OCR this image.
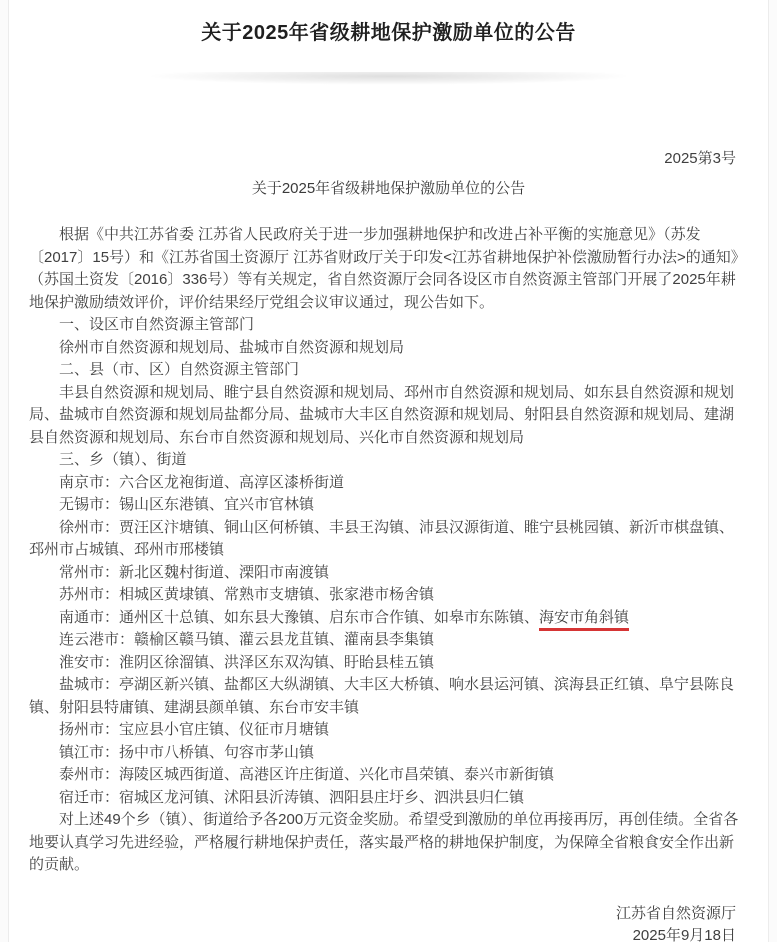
关于2025年省级耕地保护激励单位的公告
2025第3号
关于2025年省级耕地保护激励单位的公告

根据《中共江苏省委 江苏省人民政府关于进一步加强耕地保护和改进占补平衡的实施意见》（苏发〔2017〕15号）和《江苏省国土资源厅 江苏省财政厅关于印发<江苏省耕地保护补偿激励暂行办法>的通知》（苏国土资发〔2016〕336号）等有关规定，省自然资源厅会同各设区市自然资源主管部门开展了2025年耕地保护激励绩效评价，评价结果经厅党组会议审议通过，现公告如下。

一、设区市自然资源主管部门

徐州市自然资源和规划局、盐城市自然资源和规划局

二、县（市、区）自然资源主管部门

丰县自然资源和规划局、睢宁县自然资源和规划局、邳州市自然资源和规划局、如东县自然资源和规划局、盐城市自然资源和规划局盐都分局、盐城市大丰区自然资源和规划局、射阳县自然资源和规划局、建湖县自然资源和规划局、东台市自然资源和规划局、兴化市自然资源和规划局

三、乡（镇）、街道

南京市：六合区龙袍街道、高淳区漆桥街道

无锡市：锡山区东港镇、宜兴市官林镇

徐州市：贾汪区汴塘镇、铜山区何桥镇、丰县王沟镇、沛县汉源街道、睢宁县桃园镇、新沂市棋盘镇、邳州市占城镇、邳州市邢楼镇

常州市：新北区魏村街道、溧阳市南渡镇

苏州市：相城区黄埭镇、常熟市支塘镇、张家港市杨舍镇

南通市：通州区十总镇、如东县大豫镇、启东市合作镇、如皋市东陈镇、海安市角斜镇

连云港市：赣榆区赣马镇、灌云县龙苴镇、灌南县李集镇

淮安市：淮阴区徐溜镇、洪泽区东双沟镇、盱眙县桂五镇

盐城市：亭湖区新兴镇、盐都区大纵湖镇、大丰区大桥镇、响水县运河镇、滨海县正红镇、阜宁县陈良镇、射阳县特庸镇、建湖县颜单镇、东台市安丰镇

扬州市：宝应县小官庄镇、仪征市月塘镇

镇江市：扬中市八桥镇、句容市茅山镇

泰州市：海陵区城西街道、高港区许庄街道、兴化市昌荣镇、泰兴市新街镇

宿迁市：宿城区龙河镇、沭阳县沂涛镇、泗阳县庄圩乡、泗洪县归仁镇

对上述49个乡（镇）、街道给予各200万元资金奖励。希望受到激励的单位再接再厉，再创佳绩。全省各地要认真学习先进经验，严格履行耕地保护责任，落实最严格的耕地保护制度，为保障全省粮食安全作出新的贡献。

江苏省自然资源厅
2025年9月18日
